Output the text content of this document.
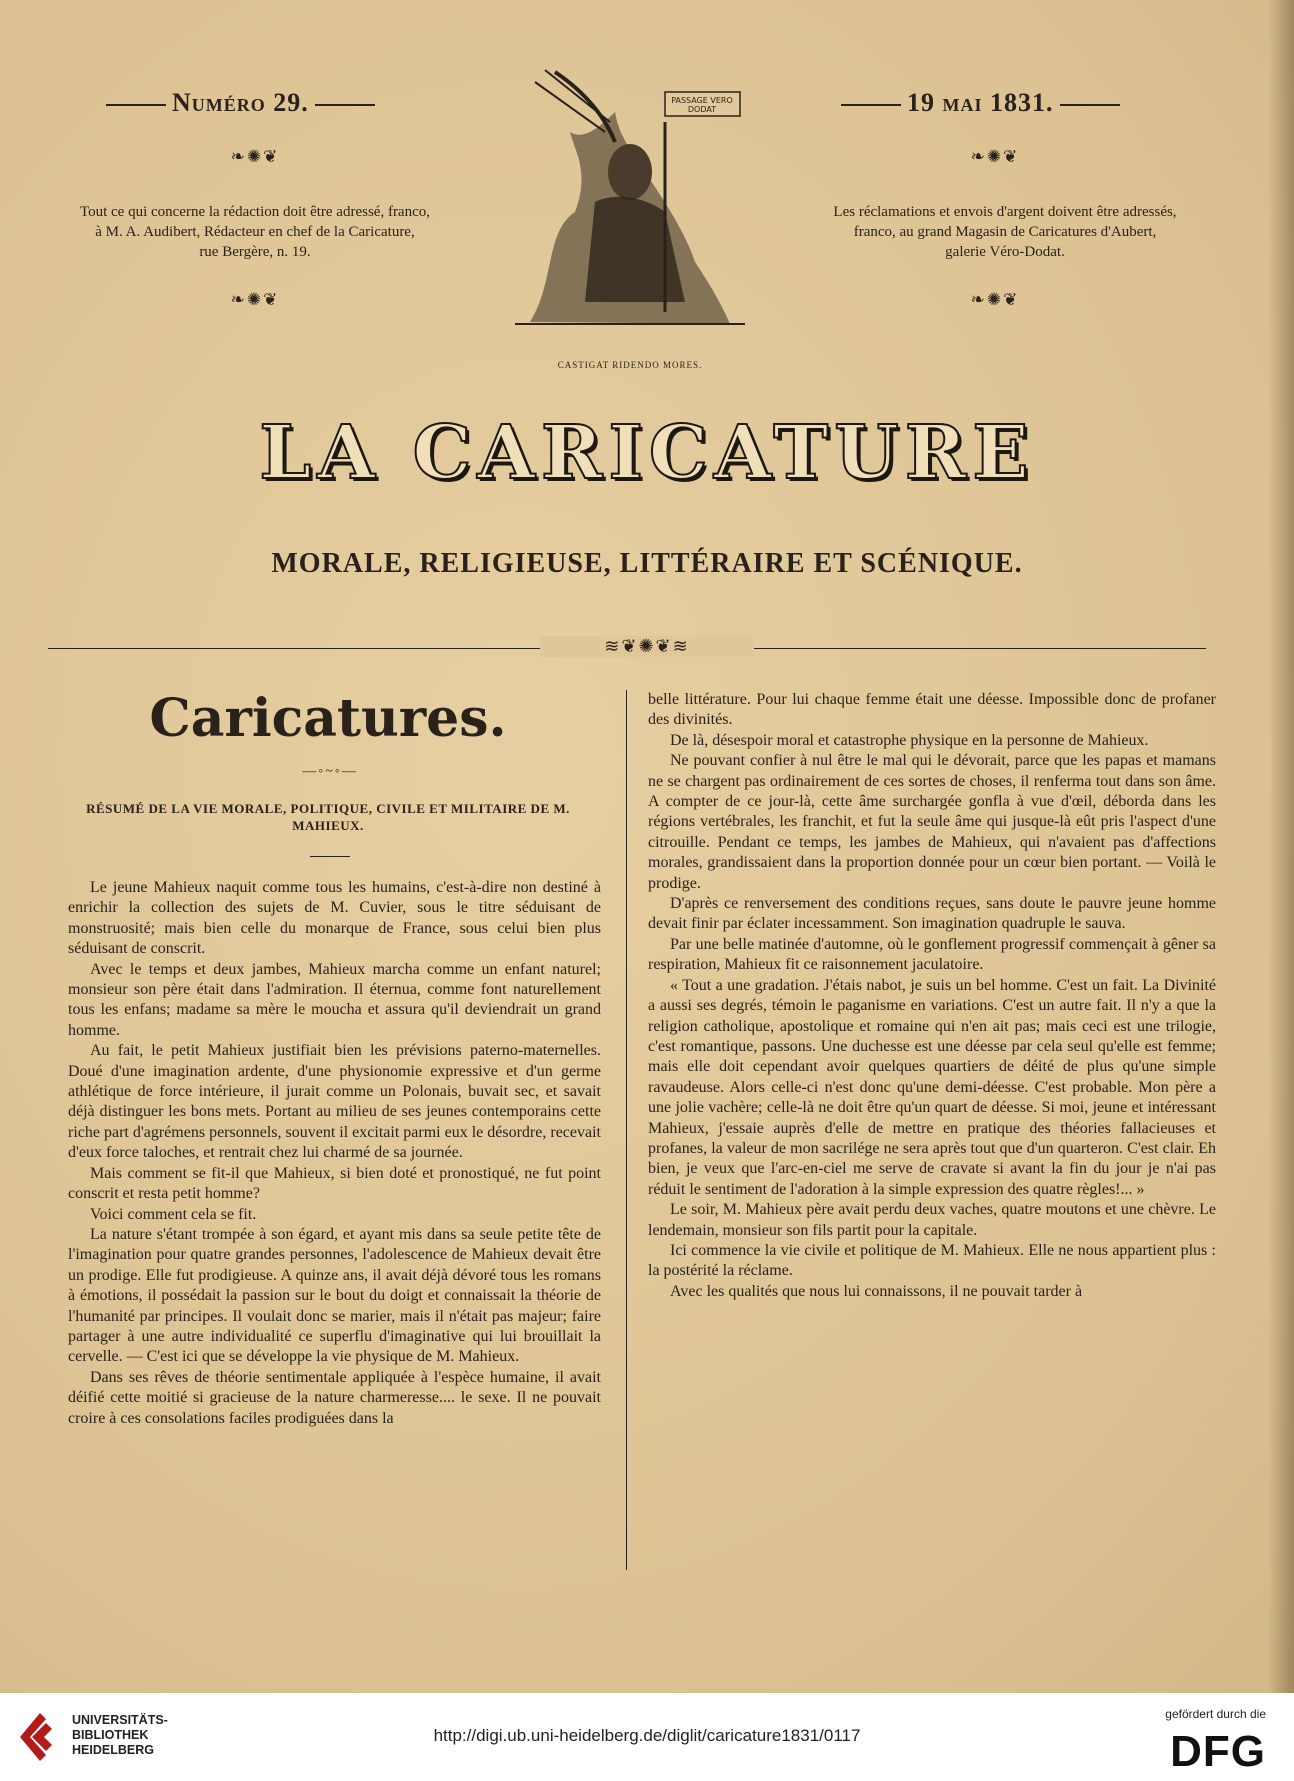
Numéro 29.
❧✺❦
Tout ce qui concerne la rédaction doit être adressé, franco,
à M. A. Audibert, Rédacteur en chef de la Caricature,
rue Bergère, n. 19.
❧✺❦
PASSAGE VERO DODAT
CASTIGAT RIDENDO MORES.
19 mai 1831.
❧✺❦
Les réclamations et envois d'argent doivent être adressés,
franco, au grand Magasin de Caricatures d'Aubert,
galerie Véro-Dodat.
❧✺❦
LA CARICATURE
MORALE, RELIGIEUSE, LITTÉRAIRE ET SCÉNIQUE.
≋❦✺❦≋
Caricatures.
—◦~◦—
RÉSUMÉ DE LA VIE MORALE, POLITIQUE, CIVILE ET MILITAIRE DE M. MAHIEUX.

Le jeune Mahieux naquit comme tous les humains, c'est-à-dire non destiné à enrichir la collection des sujets de M. Cuvier, sous le titre séduisant de monstruosité; mais bien celle du monarque de France, sous celui bien plus séduisant de conscrit.

Avec le temps et deux jambes, Mahieux marcha comme un enfant naturel; monsieur son père était dans l'admiration. Il éternua, comme font naturellement tous les enfans; madame sa mère le moucha et assura qu'il deviendrait un grand homme.

Au fait, le petit Mahieux justifiait bien les prévisions paterno-maternelles. Doué d'une imagination ardente, d'une physionomie expressive et d'un germe athlétique de force intérieure, il jurait comme un Polonais, buvait sec, et savait déjà distinguer les bons mets. Portant au milieu de ses jeunes contemporains cette riche part d'agrémens personnels, souvent il excitait parmi eux le désordre, recevait d'eux force taloches, et rentrait chez lui charmé de sa journée.

Mais comment se fit-il que Mahieux, si bien doté et pronostiqué, ne fut point conscrit et resta petit homme?

Voici comment cela se fit.

La nature s'étant trompée à son égard, et ayant mis dans sa seule petite tête de l'imagination pour quatre grandes personnes, l'adolescence de Mahieux devait être un prodige. Elle fut prodigieuse. A quinze ans, il avait déjà dévoré tous les romans à émotions, il possédait la passion sur le bout du doigt et connaissait la théorie de l'humanité par principes. Il voulait donc se marier, mais il n'était pas majeur; faire partager à une autre individualité ce superflu d'imaginative qui lui brouillait la cervelle. — C'est ici que se développe la vie physique de M. Mahieux.

Dans ses rêves de théorie sentimentale appliquée à l'espèce humaine, il avait déifié cette moitié si gracieuse de la nature charmeresse.... le sexe. Il ne pouvait croire à ces consolations faciles prodiguées dans la

belle littérature. Pour lui chaque femme était une déesse. Impossible donc de profaner des divinités.

De là, désespoir moral et catastrophe physique en la personne de Mahieux.

Ne pouvant confier à nul être le mal qui le dévorait, parce que les papas et mamans ne se chargent pas ordinairement de ces sortes de choses, il renferma tout dans son âme. A compter de ce jour-là, cette âme surchargée gonfla à vue d'œil, déborda dans les régions vertébrales, les franchit, et fut la seule âme qui jusque-là eût pris l'aspect d'une citrouille. Pendant ce temps, les jambes de Mahieux, qui n'avaient pas d'affections morales, grandissaient dans la proportion donnée pour un cœur bien portant. — Voilà le prodige.

D'après ce renversement des conditions reçues, sans doute le pauvre jeune homme devait finir par éclater incessamment. Son imagination quadruple le sauva.

Par une belle matinée d'automne, où le gonflement progressif commençait à gêner sa respiration, Mahieux fit ce raisonnement jaculatoire.

« Tout a une gradation. J'étais nabot, je suis un bel homme. C'est un fait. La Divinité a aussi ses degrés, témoin le paganisme en variations. C'est un autre fait. Il n'y a que la religion catholique, apostolique et romaine qui n'en ait pas; mais ceci est une trilogie, c'est romantique, passons. Une duchesse est une déesse par cela seul qu'elle est femme; mais elle doit cependant avoir quelques quartiers de déité de plus qu'une simple ravaudeuse. Alors celle-ci n'est donc qu'une demi-déesse. C'est probable. Mon père a une jolie vachère; celle-là ne doit être qu'un quart de déesse. Si moi, jeune et intéressant Mahieux, j'essaie auprès d'elle de mettre en pratique des théories fallacieuses et profanes, la valeur de mon sacrilége ne sera après tout que d'un quarteron. C'est clair. Eh bien, je veux que l'arc-en-ciel me serve de cravate si avant la fin du jour je n'ai pas réduit le sentiment de l'adoration à la simple expression des quatre règles!... »

Le soir, M. Mahieux père avait perdu deux vaches, quatre moutons et une chèvre. Le lendemain, monsieur son fils partit pour la capitale.

Ici commence la vie civile et politique de M. Mahieux. Elle ne nous appartient plus : la postérité la réclame.

Avec les qualités que nous lui connaissons, il ne pouvait tarder à

UNIVERSITÄTS-
BIBLIOTHEK
HEIDELBERG
http://digi.ub.uni-heidelberg.de/diglit/caricature1831/0117
gefördert durch die
DFG
